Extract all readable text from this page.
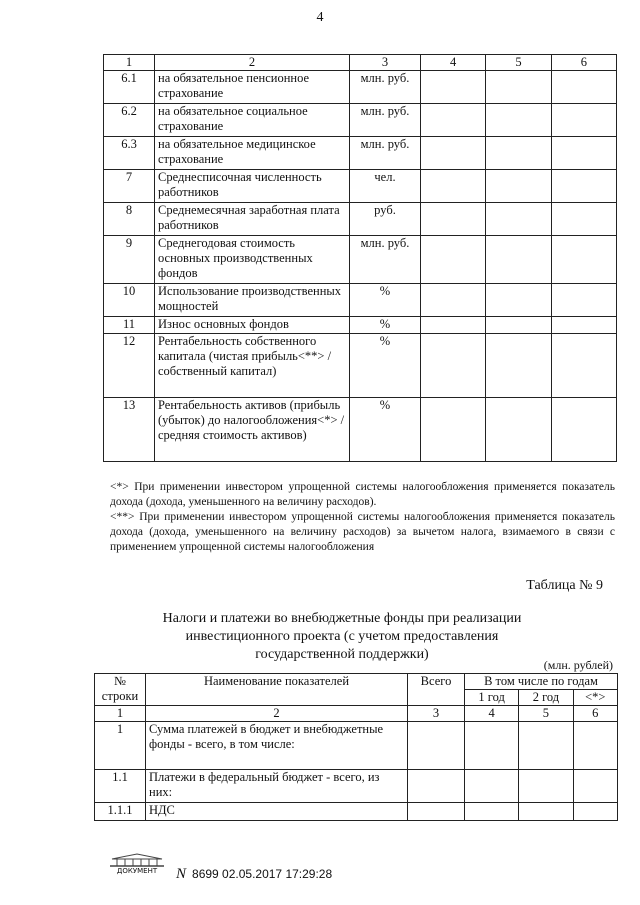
4
1	2	3	4	5	6
6.1	на обязательное пенсионное страхование	млн. руб.			
6.2	на обязательное социальное страхование	млн. руб.			
6.3	на обязательное медицинское страхование	млн. руб.			
7	Среднесписочная численность работников	чел.			
8	Среднемесячная заработная плата работников	руб.			
9	Среднегодовая стоимость основных производственных фондов	млн. руб.			
10	Использование производственных мощностей	%			
11	Износ основных фондов	%			
12	Рентабельность собственного капитала (чистая прибыль<**> / собственный капитал)	%			
13	Рентабельность активов (прибыль (убыток) до налогообложения<*> / средняя стоимость активов)	%			

<*> При применении инвестором упрощенной системы налогообложения применяется показатель дохода (дохода, уменьшенного на величину расходов).

<**> При применении инвестором упрощенной системы налогообложения применяется показатель дохода (дохода, уменьшенного на величину расходов) за вычетом налога, взимаемого в связи с применением упрощенной системы налогообложения

Таблица № 9
Налоги и платежи во внебюджетные фонды при реализации
инвестиционного проекта (с учетом предоставления
государственной поддержки)
(млн. рублей)
№ строки	Наименование показателей	Всего	В том числе по годам		
			1 год	2 год	<*>
1	2	3	4	5	6
1	Сумма платежей в бюджет и внебюджетные фонды - всего, в том числе:				
1.1	Платежи в федеральный бюджет - всего, из них:				
1.1.1	НДС				
ДОКУМЕНТ	N 8699 02.05.2017 17:29:28
